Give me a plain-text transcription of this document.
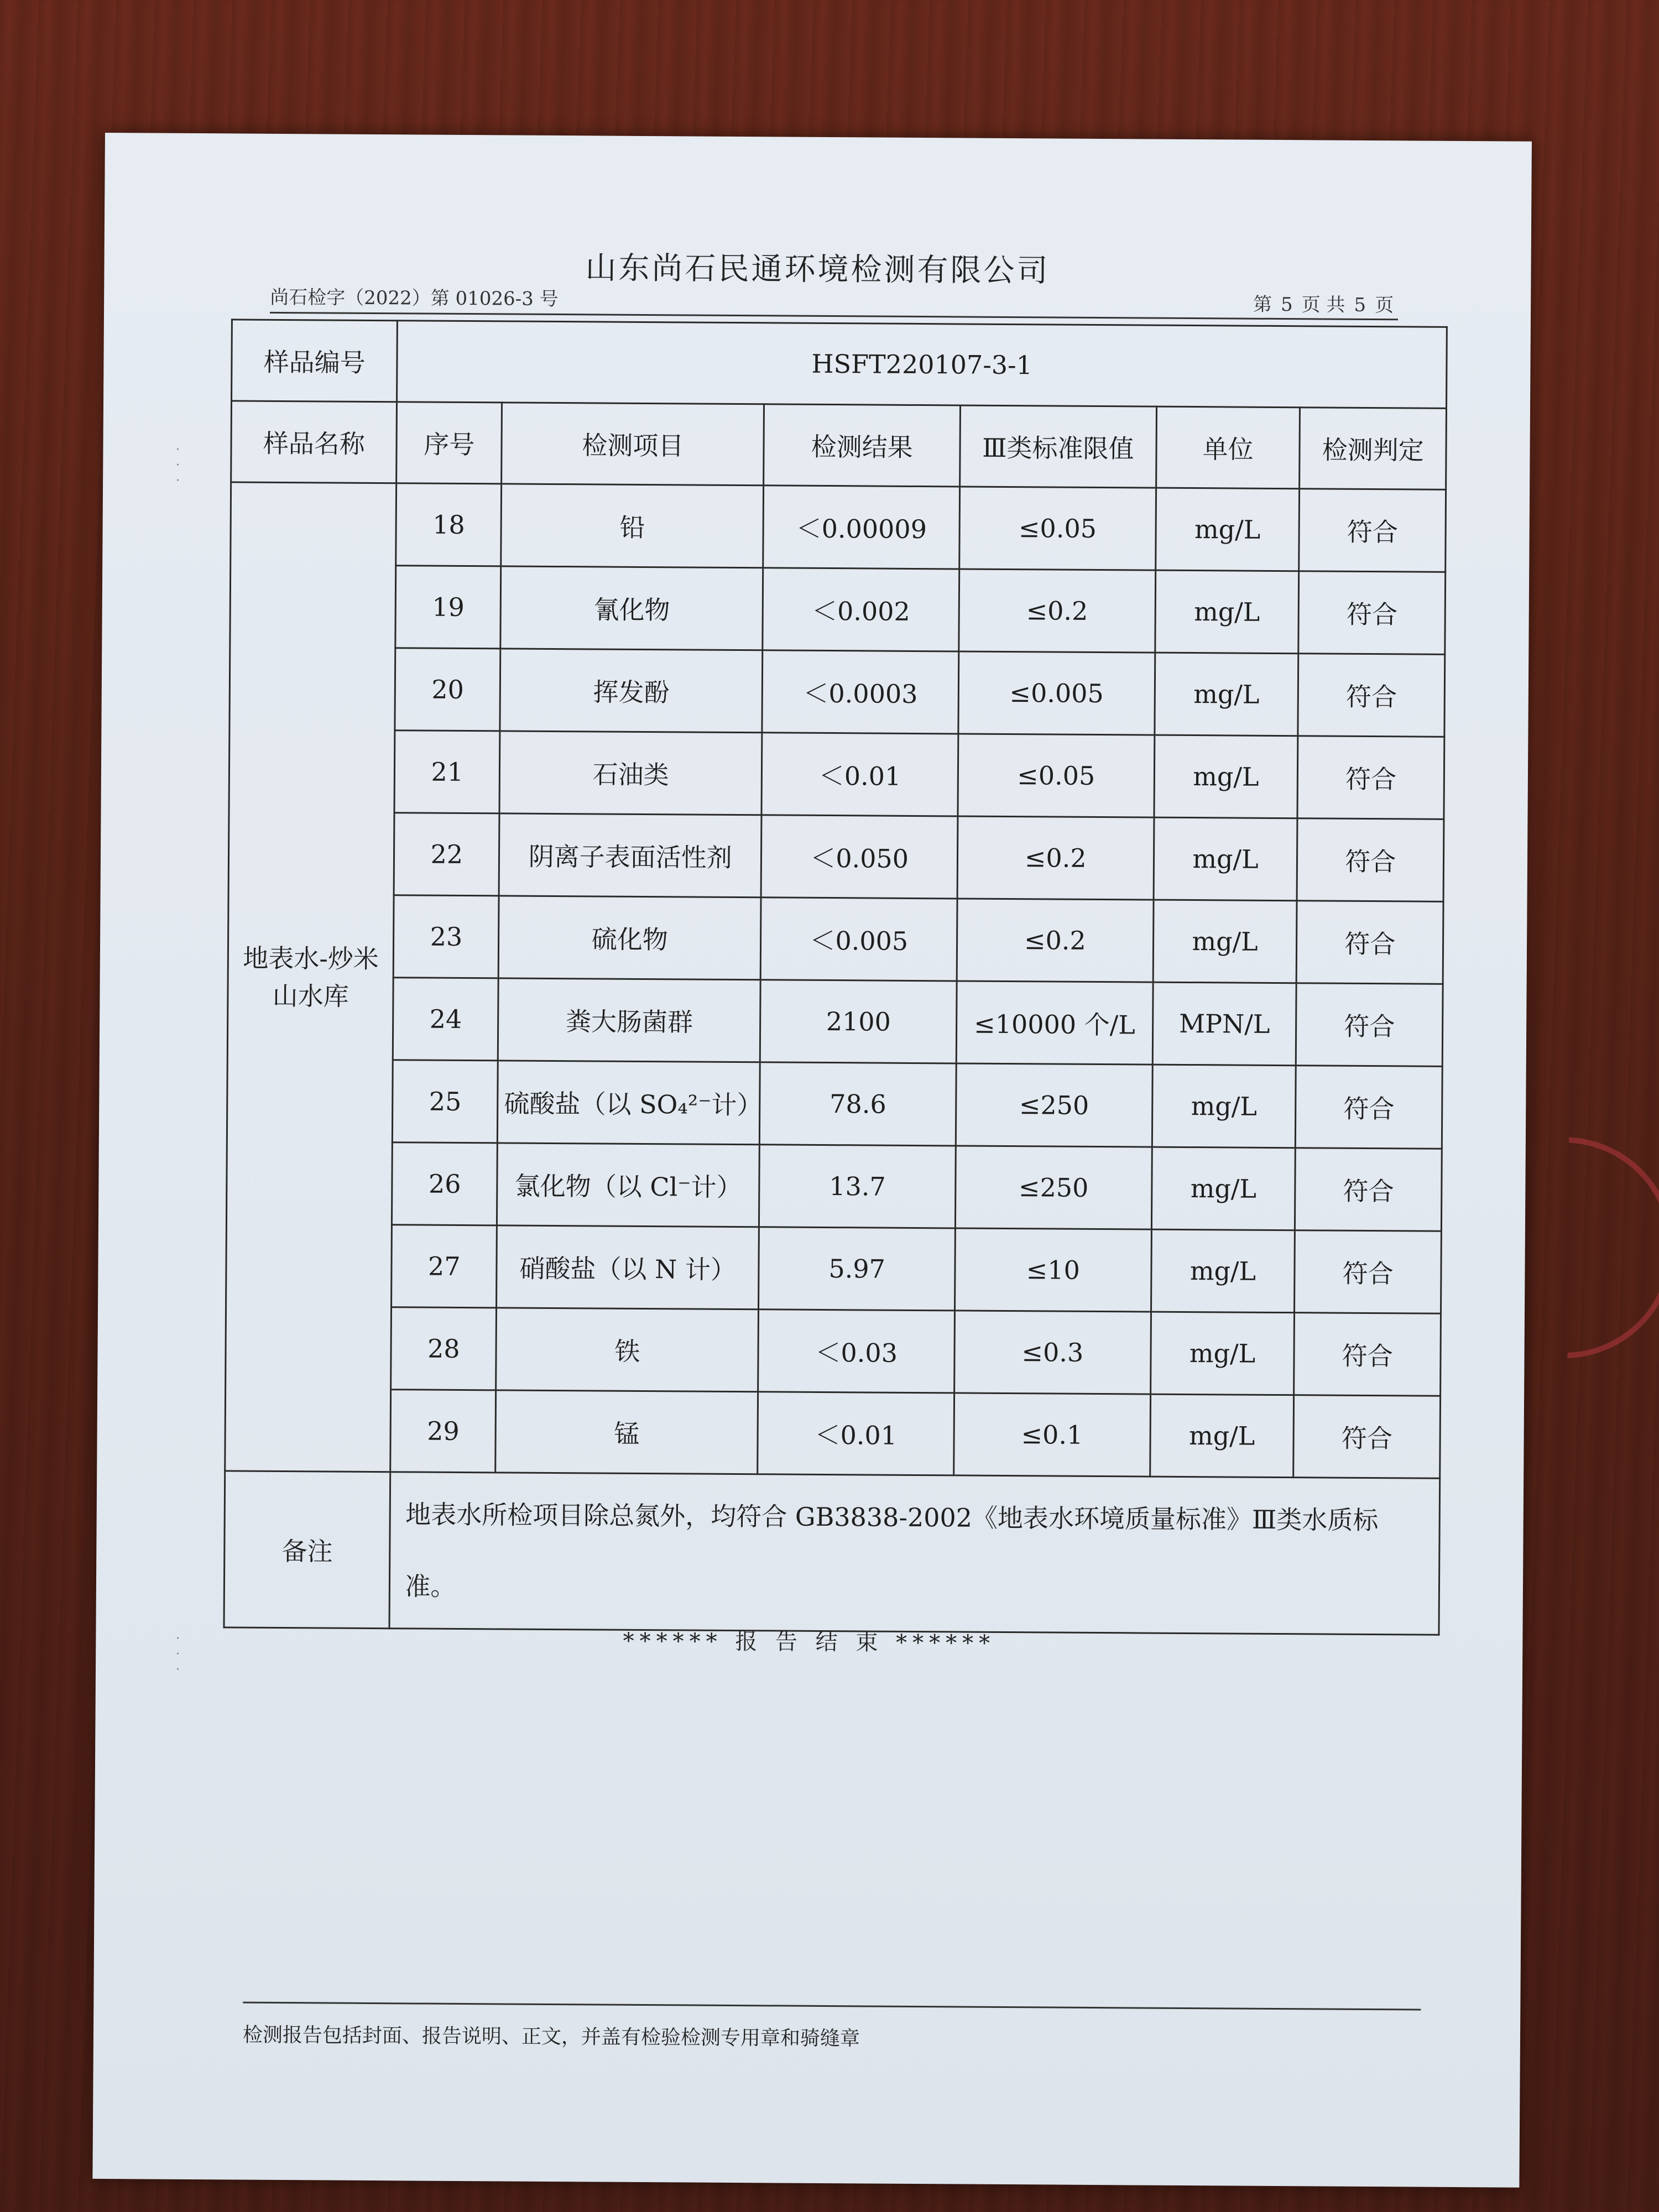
山东尚石民通环境检测有限公司
尚石检字（2022）第 01026-3 号	第 5 页 共 5 页
样品编号	HSFT220107-3-1					
样品名称	序号	检测项目	检测结果	Ⅲ类标准限值	单位	检测判定
地表水-炒米山水库	18	铅	＜0.00009	≤0.05	mg/L	符合
	19	氰化物	＜0.002	≤0.2	mg/L	符合
	20	挥发酚	＜0.0003	≤0.005	mg/L	符合
	21	石油类	＜0.01	≤0.05	mg/L	符合
	22	阴离子表面活性剂	＜0.050	≤0.2	mg/L	符合
	23	硫化物	＜0.005	≤0.2	mg/L	符合
	24	粪大肠菌群	2100	≤10000 个/L	MPN/L	符合
	25	硫酸盐（以 SO₄²⁻计）	78.6	≤250	mg/L	符合
	26	氯化物（以 Cl⁻计）	13.7	≤250	mg/L	符合
	27	硝酸盐（以 N 计）	5.97	≤10	mg/L	符合
	28	铁	＜0.03	≤0.3	mg/L	符合
	29	锰	＜0.01	≤0.1	mg/L	符合
备注	地表水所检项目除总氮外，均符合 GB3838-2002《地表水环境质量标准》Ⅲ类水质标准。					
****** 报 告 结 束 ******
检测报告包括封面、报告说明、正文，并盖有检验检测专用章和骑缝章
·
·
·
·
·
·
